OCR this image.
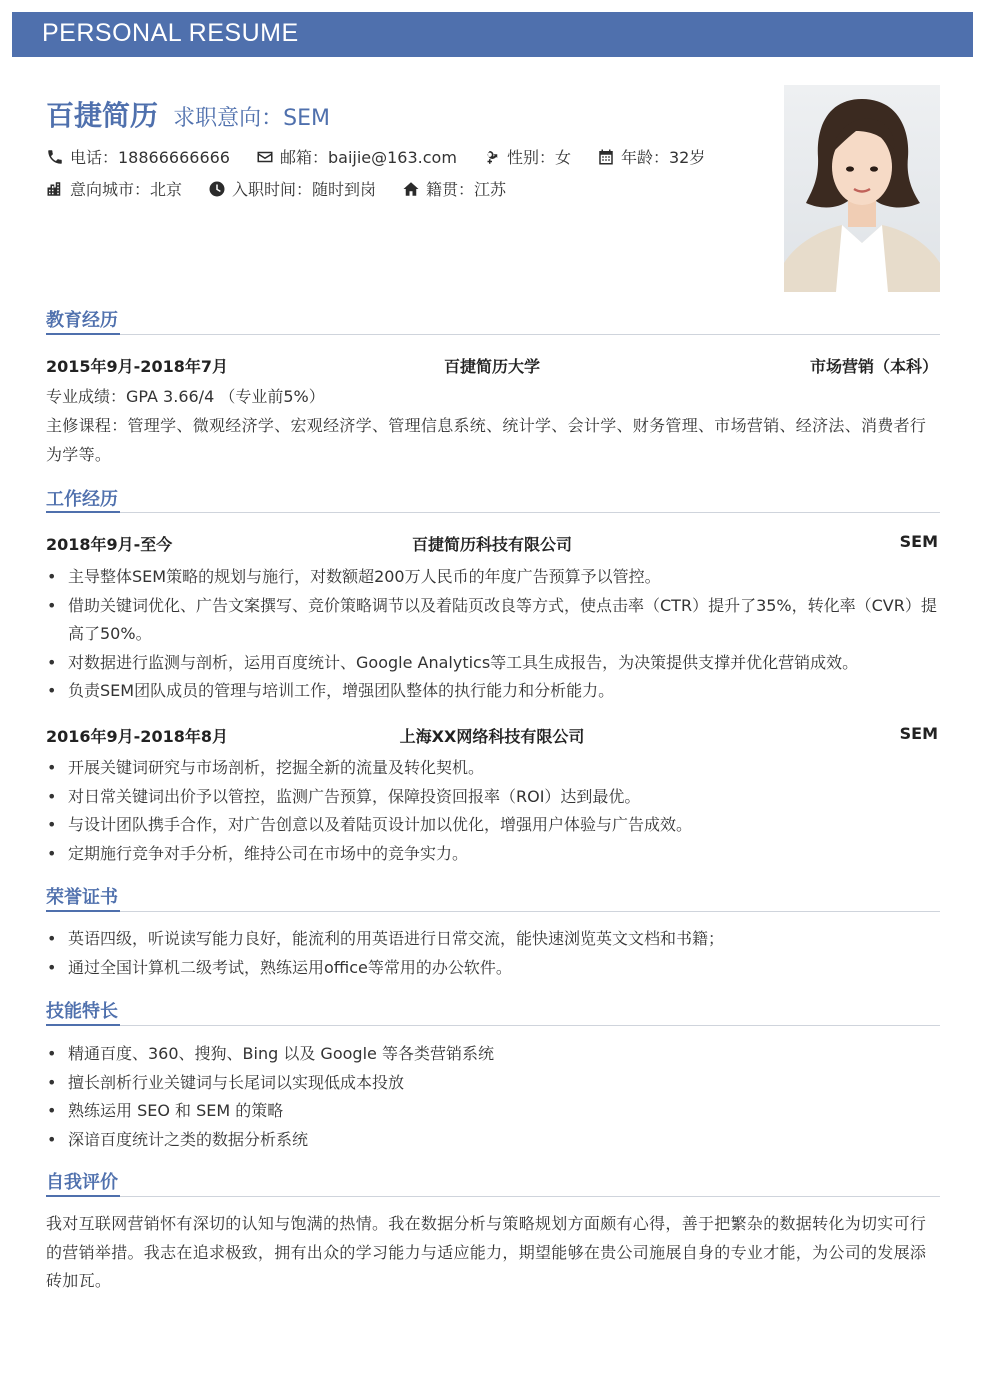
PERSONAL RESUME
百捷简历 求职意向：SEM
电话：18866666666	邮箱：baijie@163.com	性别：女	年龄：32岁
意向城市：北京	入职时间：随时到岗	籍贯：江苏
教育经历
2015年9月-2018年7月	百捷简历大学	市场营销（本科）
专业成绩：GPA 3.66/4 （专业前5%）
主修课程：管理学、微观经济学、宏观经济学、管理信息系统、统计学、会计学、财务管理、市场营销、经济法、消费者行为学等。
工作经历
2018年9月-至今	百捷简历科技有限公司	SEM
• 主导整体SEM策略的规划与施行，对数额超200万人民币的年度广告预算予以管控。
• 借助关键词优化、广告文案撰写、竞价策略调节以及着陆页改良等方式，使点击率（CTR）提升了35%，转化率（CVR）提高了50%。
• 对数据进行监测与剖析，运用百度统计、Google Analytics等工具生成报告，为决策提供支撑并优化营销成效。
• 负责SEM团队成员的管理与培训工作，增强团队整体的执行能力和分析能力。
2016年9月-2018年8月	上海XX网络科技有限公司	SEM
• 开展关键词研究与市场剖析，挖掘全新的流量及转化契机。
• 对日常关键词出价予以管控，监测广告预算，保障投资回报率（ROI）达到最优。
• 与设计团队携手合作，对广告创意以及着陆页设计加以优化，增强用户体验与广告成效。
• 定期施行竞争对手分析，维持公司在市场中的竞争实力。
荣誉证书
• 英语四级，听说读写能力良好，能流利的用英语进行日常交流，能快速浏览英文文档和书籍；
• 通过全国计算机二级考试，熟练运用office等常用的办公软件。
技能特长
• 精通百度、360、搜狗、Bing 以及 Google 等各类营销系统
• 擅长剖析行业关键词与长尾词以实现低成本投放
• 熟练运用 SEO 和 SEM 的策略
• 深谙百度统计之类的数据分析系统
自我评价
我对互联网营销怀有深切的认知与饱满的热情。我在数据分析与策略规划方面颇有心得，善于把繁杂的数据转化为切实可行的营销举措。我志在追求极致，拥有出众的学习能力与适应能力，期望能够在贵公司施展自身的专业才能，为公司的发展添砖加瓦。
